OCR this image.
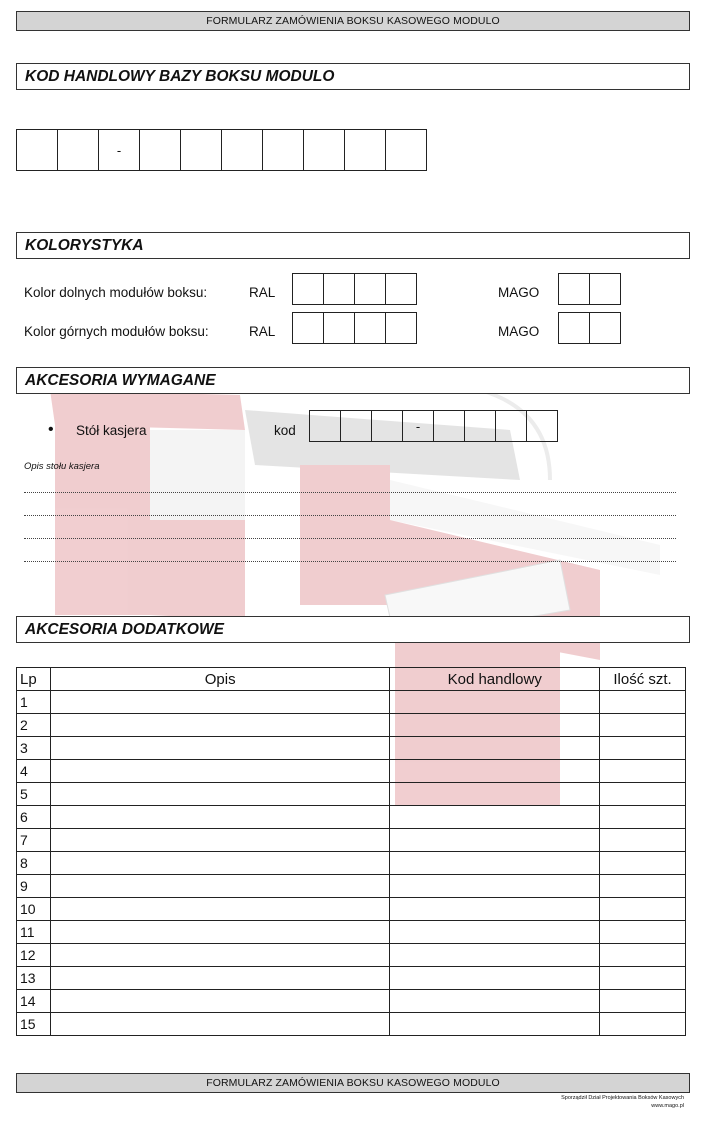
FORMULARZ ZAMÓWIENIA BOKSU KASOWEGO MODULO
KOD HANDLOWY BAZY BOKSU MODULO
-
KOLORYSTYKA
Kolor dolnych modułów boksu:	RAL	MAGO
Kolor górnych modułów boksu:	RAL	MAGO
AKCESORIA WYMAGANE
• Stół kasjera	kod	-
Opis stołu kasjera
AKCESORIA DODATKOWE
Lp	Opis	Kod handlowy	Ilość szt.
1			
2			
3			
4			
5			
6			
7			
8			
9			
10			
11			
12			
13			
14			
15			
FORMULARZ ZAMÓWIENIA BOKSU KASOWEGO MODULO
Sporządził Dział Projektowania Boksów Kasowych
www.mago.pl
